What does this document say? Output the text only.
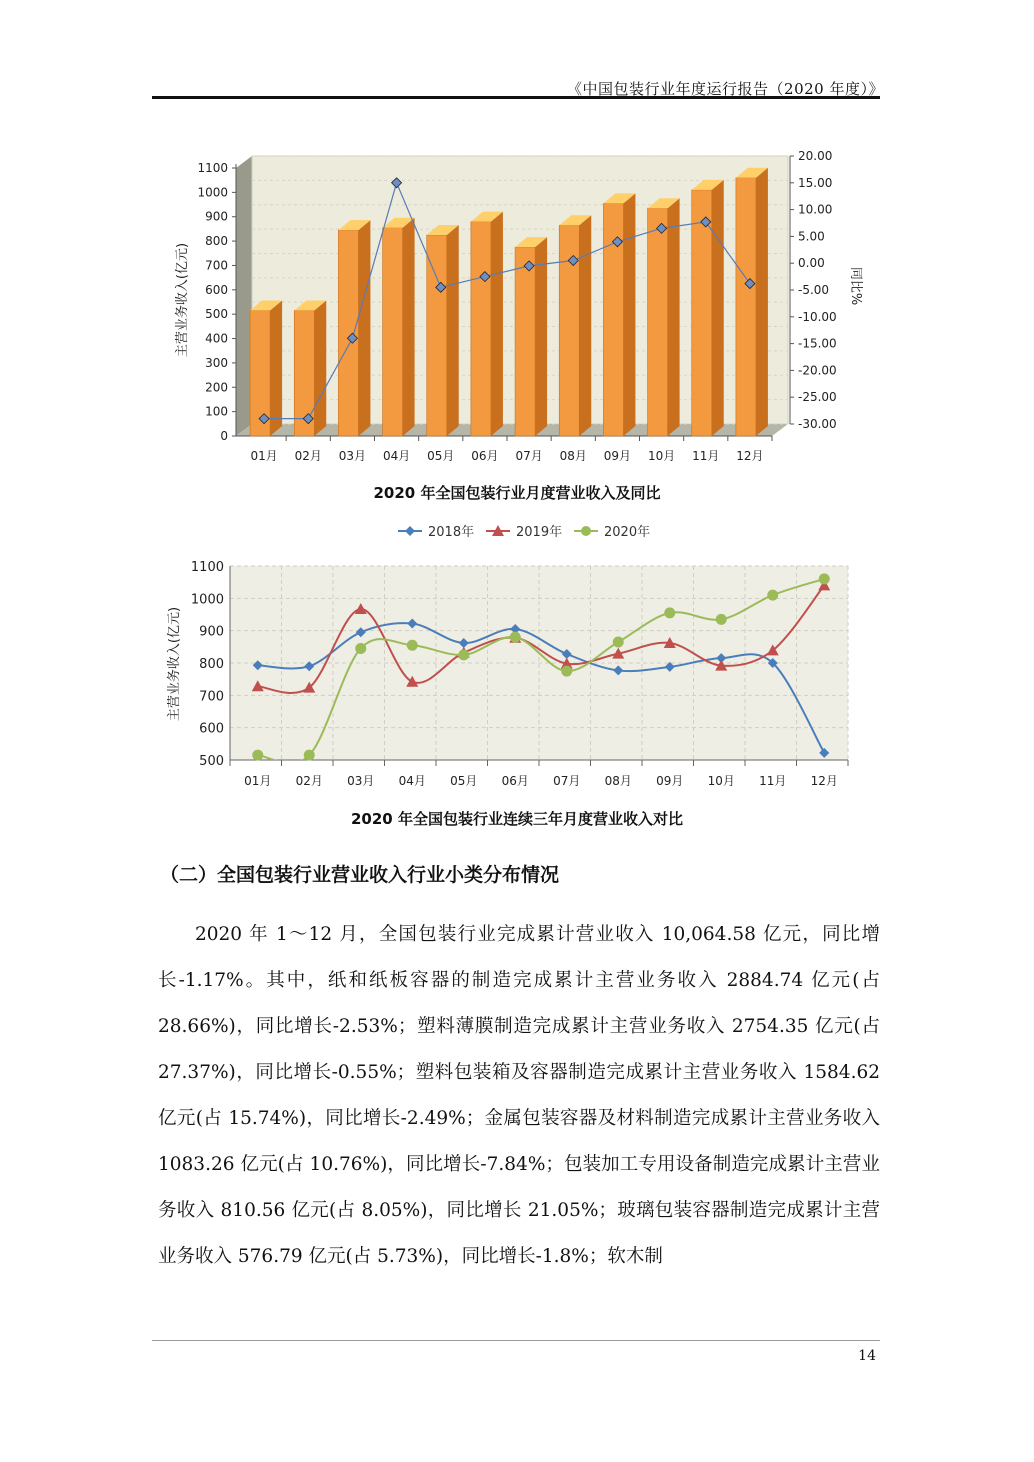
《中国包装行业年度运行报告（2020 年度）》
0
100
200
300
400
500
600
700
800
900
1000
1100
-30.00
-25.00
-20.00
-15.00
-10.00
-5.00
0.00
5.00
10.00
15.00
20.00
01月 02月 03月 04月 05月 06月 07月 08月 09月 10月 11月 12月
主营业务收入(亿元)	同比%
2020 年全国包装行业月度营业收入及同比
500
600
700
800
900
1000
1100
01月 02月 03月 04月 05月 06月 07月 08月 09月 10月 11月 12月
2018年	2019年	2020年
主营业务收入(亿元)
2020 年全国包装行业连续三年月度营业收入对比
（二）全国包装行业营业收入行业小类分布情况

2020 年 1～12 月，全国包装行业完成累计营业收入 10,064.58 亿元，同比增长-1.17%。其中，纸和纸板容器的制造完成累计主营业务收入 2884.74 亿元(占 28.66%)，同比增长-2.53%；塑料薄膜制造完成累计主营业务收入 2754.35 亿元(占 27.37%)，同比增长-0.55%；塑料包装箱及容器制造完成累计主营业务收入 1584.62 亿元(占 15.74%)，同比增长-2.49%；金属包装容器及材料制造完成累计主营业务收入 1083.26 亿元(占 10.76%)，同比增长-7.84%；包装加工专用设备制造完成累计主营业务收入 810.56 亿元(占 8.05%)，同比增长 21.05%；玻璃包装容器制造完成累计主营业务收入 576.79 亿元(占 5.73%)，同比增长-1.8%；软木制

14
